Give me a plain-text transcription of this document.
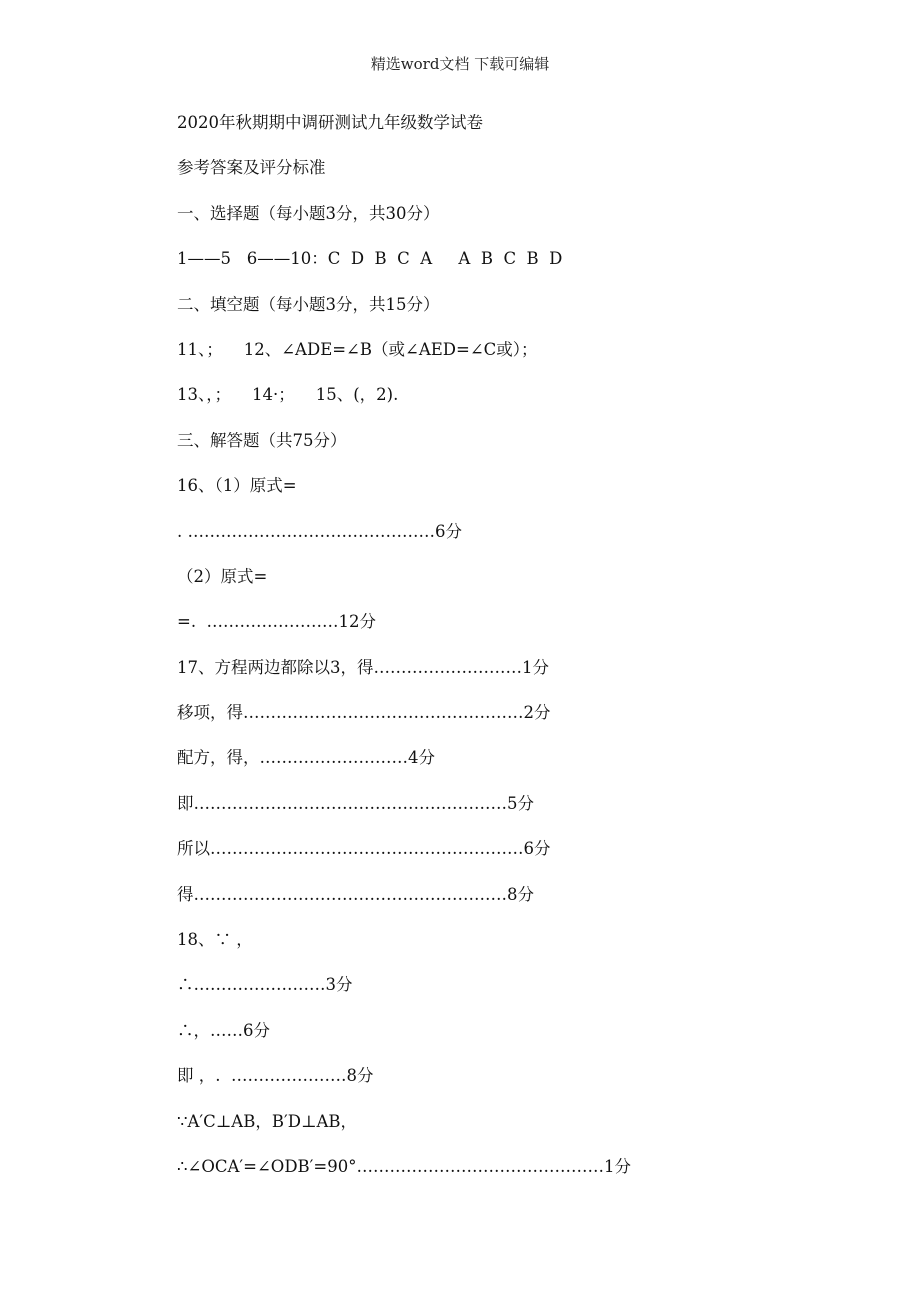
精选word文档 下载可编辑
2020年秋期期中调研测试九年级数学试卷
参考答案及评分标准
一、选择题（每小题3分，共30分）
1——5   6——10：C  D  B  C  A     A  B  C  B  D
二、填空题（每小题3分，共15分）
11、；    12、∠ADE=∠B（或∠AED=∠C或）；
13、，；    14·；    15、(，2).
三、解答题（共75分）
16、（1）原式=
. ………………………………………6分
（2）原式=
=.  ……………………12分
17、方程两边都除以3，得………………………1分
移项，得……………………………………………2分
配方，得，………………………4分
即…………………………………………………5分
所以…………………………………………………6分
得…………………………………………………8分
18、∵ ，
∴……………………3分
∴，……6分
即 ，.  …………………8分
∵A′C⊥AB，B′D⊥AB，
∴∠OCA′=∠ODB′=90°………………………………………1分
